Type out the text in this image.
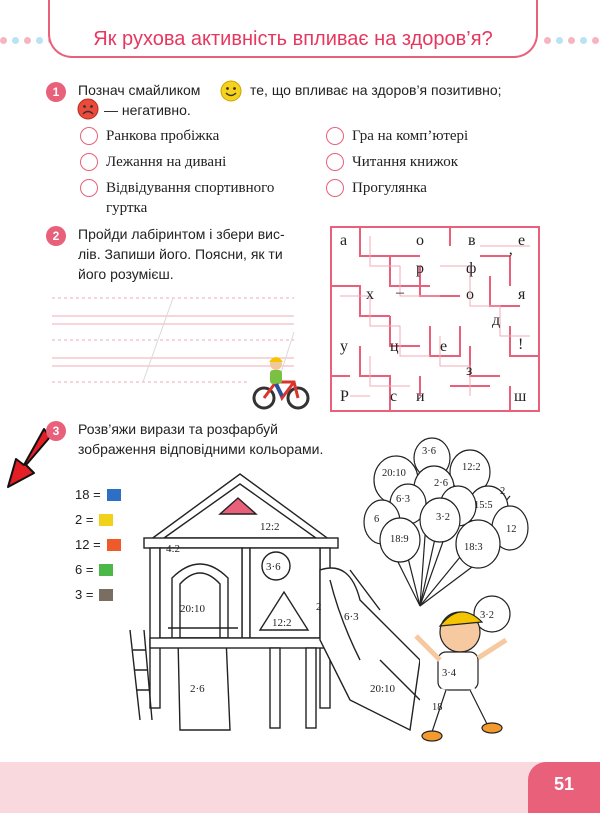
Як рухова активність впливає на здоров’я?
1	Познач смайликом	те, що впливає на здоров’я позитивно;
— негативно.
Ранкова пробіжка
Лежання на дивані
Відвідування спортивного
гуртка
Гра на комп’ютері
Читання книжок
Прогулянка
2	Пройди лабіринтом і збери вис-
лів. Запиши його. Поясни, як ти
його розумієш.
а	о	в	е
’
р	ф
х –	о	я
д
у	ц	е	!
з
Р	с и	ш
3	Розв’яжи вирази та розфарбуй
зображення відповідними кольорами.
18 =
2 =
12 =
6 =
3 =
12:2
4:2
3·6
20:10
12:2
2
2·6
6·3
20:10
3·6
12:2
20:10
2·6
2
6·3
15:5
6	3·2
12
18:9
18:3
3·2
3·4
18
51
